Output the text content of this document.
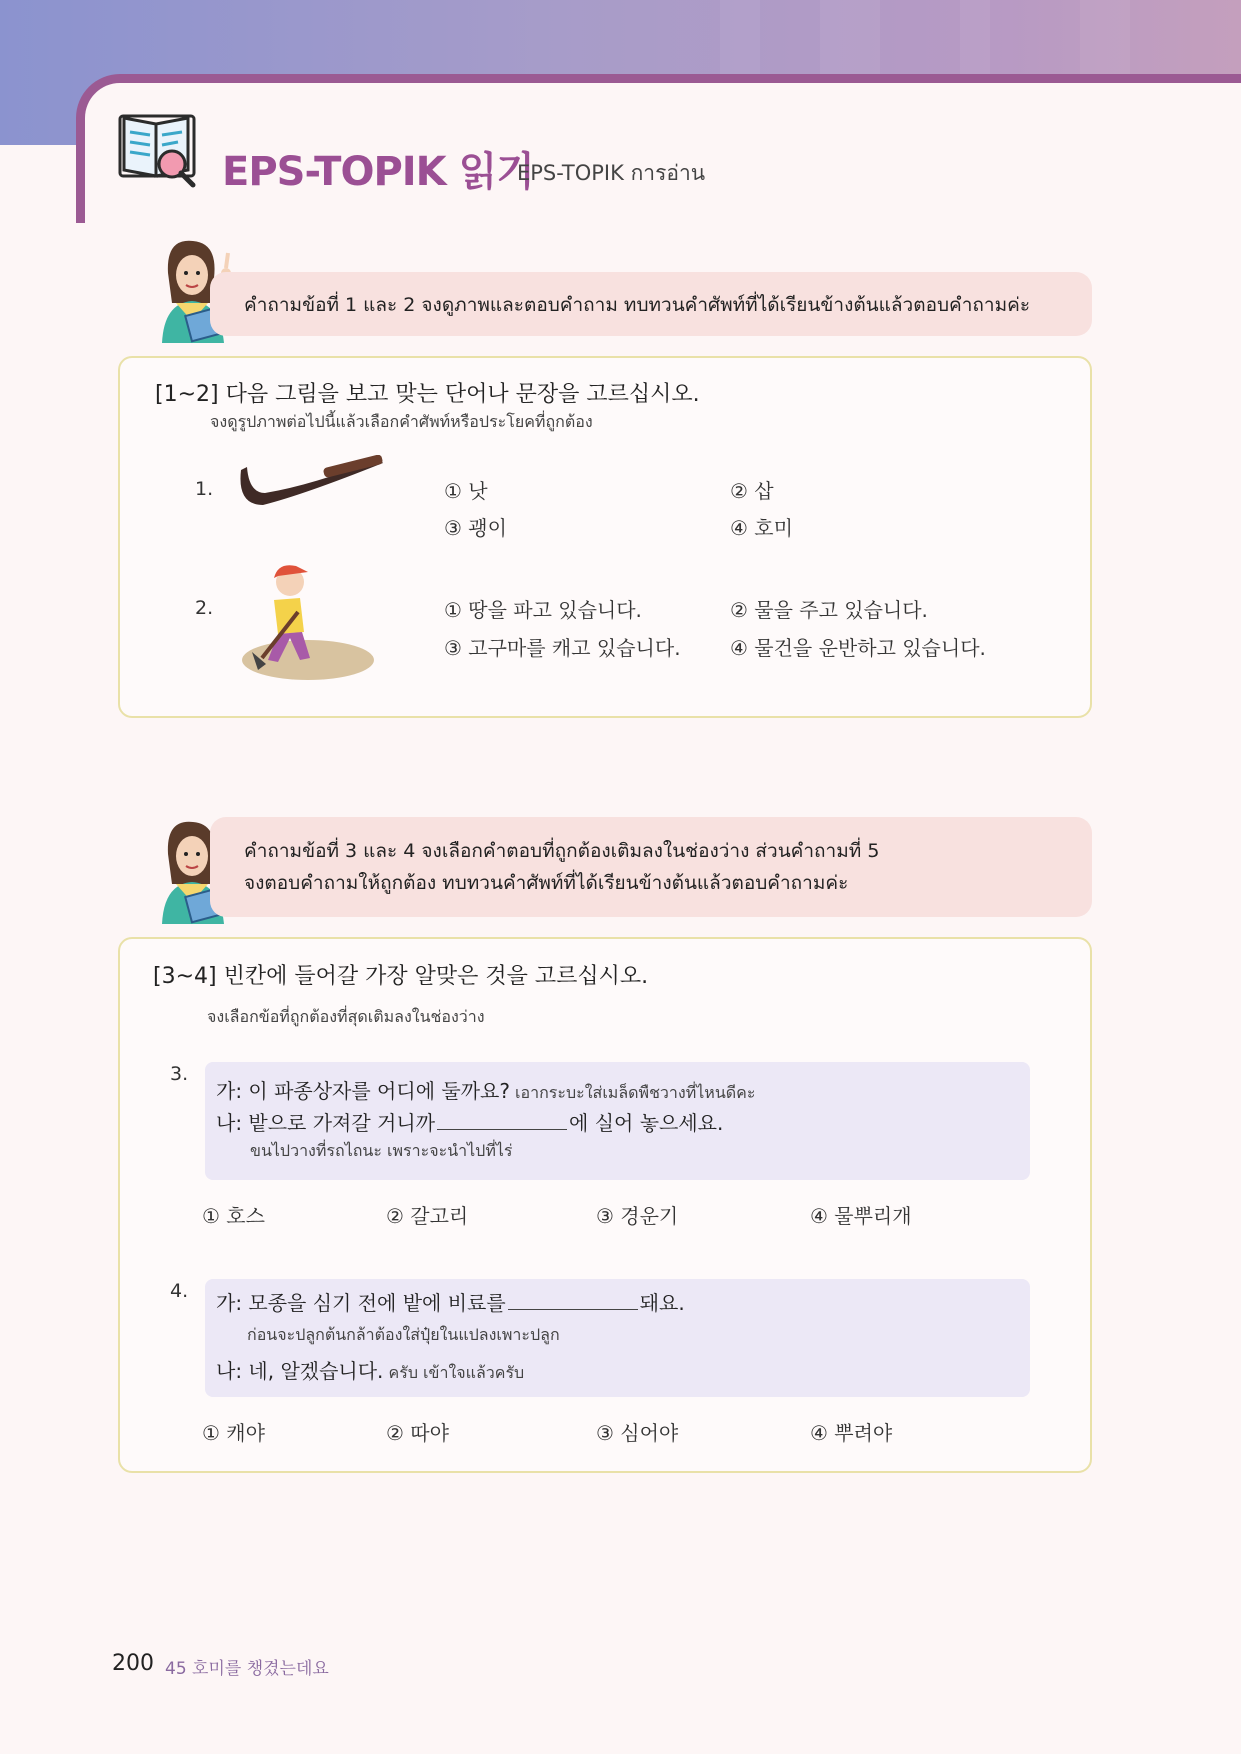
EPS-TOPIK 읽기
EPS-TOPIK การอ่าน
คำถามข้อที่ 1 และ 2 จงดูภาพและตอบคำถาม ทบทวนคำศัพท์ที่ได้เรียนข้างต้นแล้วตอบคำถามค่ะ
[1~2] 다음 그림을 보고 맞는 단어나 문장을 고르십시오.
จงดูรูปภาพต่อไปนี้แล้วเลือกคำศัพท์หรือประโยคที่ถูกต้อง
1.	① 낫	② 삽
③ 괭이	④ 호미
2.	① 땅을 파고 있습니다.	② 물을 주고 있습니다.
③ 고구마를 캐고 있습니다. ④ 물건을 운반하고 있습니다.
คำถามข้อที่ 3 และ 4 จงเลือกคำตอบที่ถูกต้องเติมลงในช่องว่าง ส่วนคำถามที่ 5
จงตอบคำถามให้ถูกต้อง ทบทวนคำศัพท์ที่ได้เรียนข้างต้นแล้วตอบคำถามค่ะ
[3~4] 빈칸에 들어갈 가장 알맞은 것을 고르십시오.
จงเลือกข้อที่ถูกต้องที่สุดเติมลงในช่องว่าง
3.
가: 이 파종상자를 어디에 둘까요? เอากระบะใส่เมล็ดพืชวางที่ไหนดีคะ
나: 밭으로 가져갈 거니까	에 실어 놓으세요.
ขนไปวางที่รถไถนะ เพราะจะนำไปที่ไร่
① 호스	② 갈고리	③ 경운기	④ 물뿌리개
4. 가: 모종을 심기 전에 밭에 비료를	돼요.
ก่อนจะปลูกต้นกล้าต้องใส่ปุ๋ยในแปลงเพาะปลูก
나: 네, 알겠습니다. ครับ เข้าใจแล้วครับ
① 캐야	② 따야	③ 심어야	④ 뿌려야
200 45 호미를 챙겼는데요
